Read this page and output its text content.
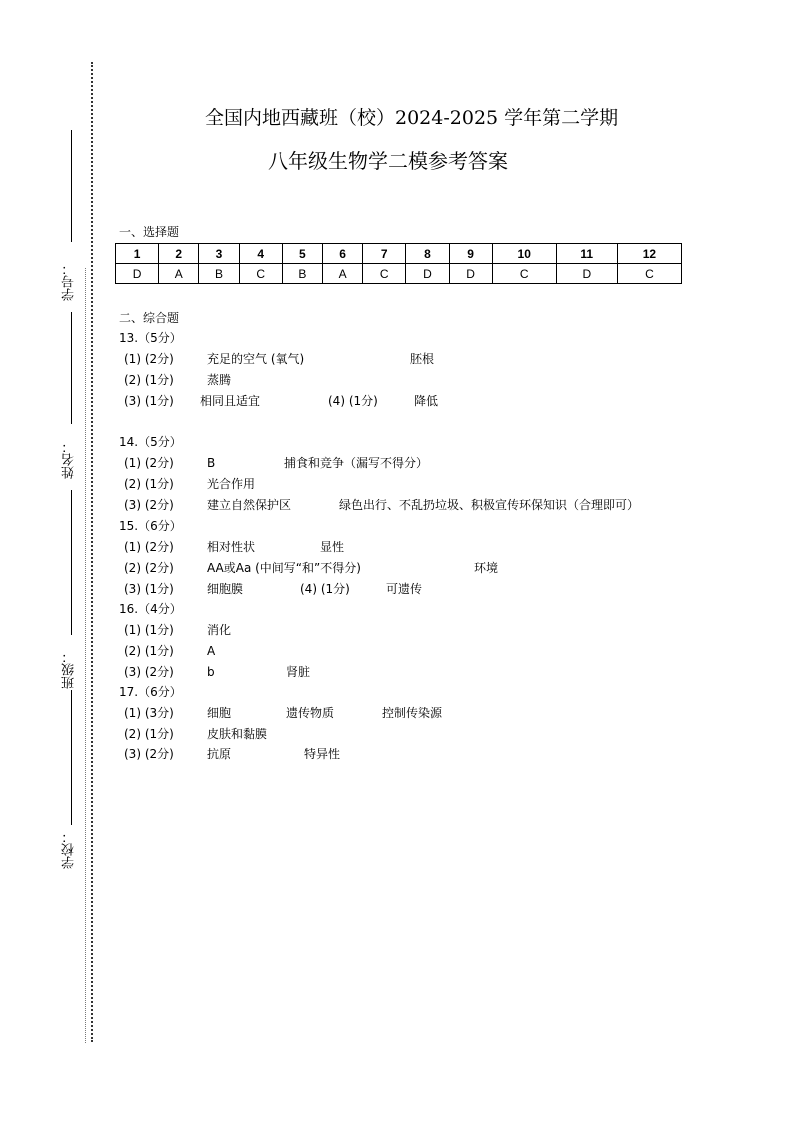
学号：
姓名：
班级：
学校：
全国内地西藏班（校）2024-2025 学年第二学期
八年级生物学二模参考答案
一、选择题
1	2	3	4	5	6	7	8	9	10	11	12
D	A	B	C	B	A	C	D	D	C	D	C
二、综合题
13.（5分）
(1) (2分)	充足的空气 (氧气)	胚根
(2) (1分)	蒸腾
(3) (1分) 相同且适宜	(4) (1分)	降低
14.（5分）
(1) (2分)	B	捕食和竞争（漏写不得分）
(2) (1分)	光合作用
(3) (2分)	建立自然保护区	绿色出行、不乱扔垃圾、积极宣传环保知识（合理即可）
15.（6分）
(1) (2分)	相对性状	显性
(2) (2分)	AA或Aa (中间写“和”不得分)	环境
(3) (1分)	细胞膜	(4) (1分)	可遗传
16.（4分）
(1) (1分)	消化
(2) (1分)	A
(3) (2分)	b	肾脏
17.（6分）
(1) (3分)	细胞	遗传物质	控制传染源
(2) (1分)	皮肤和黏膜
(3) (2分)	抗原	特异性
